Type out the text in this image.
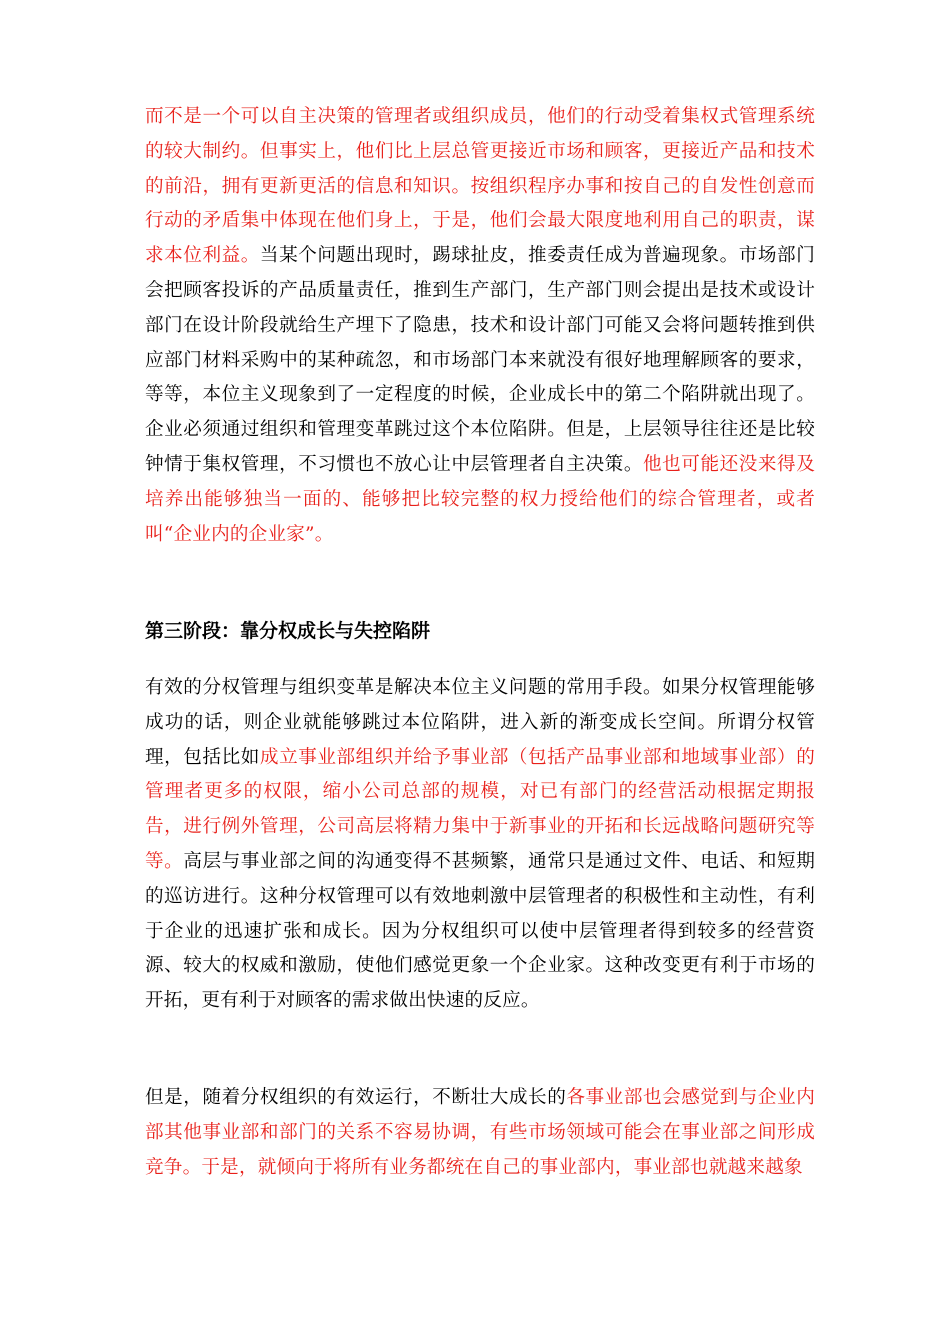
而不是一个可以自主决策的管理者或组织成员，他们的行动受着集权式管理系统的较大制约。但事实上，他们比上层总管更接近市场和顾客，更接近产品和技术的前沿，拥有更新更活的信息和知识。按组织程序办事和按自己的自发性创意而行动的矛盾集中体现在他们身上，于是，他们会最大限度地利用自己的职责，谋求本位利益。当某个问题出现时，踢球扯皮，推委责任成为普遍现象。市场部门会把顾客投诉的产品质量责任，推到生产部门，生产部门则会提出是技术或设计部门在设计阶段就给生产埋下了隐患，技术和设计部门可能又会将问题转推到供应部门材料采购中的某种疏忽，和市场部门本来就没有很好地理解顾客的要求，等等，本位主义现象到了一定程度的时候，企业成长中的第二个陷阱就出现了。企业必须通过组织和管理变革跳过这个本位陷阱。但是，上层领导往往还是比较钟情于集权管理，不习惯也不放心让中层管理者自主决策。他也可能还没来得及培养出能够独当一面的、能够把比较完整的权力授给他们的综合管理者，或者叫“企业内的企业家”。

第三阶段：靠分权成长与失控陷阱

有效的分权管理与组织变革是解决本位主义问题的常用手段。如果分权管理能够成功的话，则企业就能够跳过本位陷阱，进入新的渐变成长空间。所谓分权管理，包括比如成立事业部组织并给予事业部（包括产品事业部和地域事业部）的管理者更多的权限，缩小公司总部的规模，对已有部门的经营活动根据定期报告，进行例外管理，公司高层将精力集中于新事业的开拓和长远战略问题研究等等。高层与事业部之间的沟通变得不甚频繁，通常只是通过文件、电话、和短期的巡访进行。这种分权管理可以有效地刺激中层管理者的积极性和主动性，有利于企业的迅速扩张和成长。因为分权组织可以使中层管理者得到较多的经营资源、较大的权威和激励，使他们感觉更象一个企业家。这种改变更有利于市场的开拓，更有利于对顾客的需求做出快速的反应。

但是，随着分权组织的有效运行，不断壮大成长的各事业部也会感觉到与企业内部其他事业部和部门的关系不容易协调，有些市场领域可能会在事业部之间形成竞争。于是，就倾向于将所有业务都统在自己的事业部内，事业部也就越来越象
